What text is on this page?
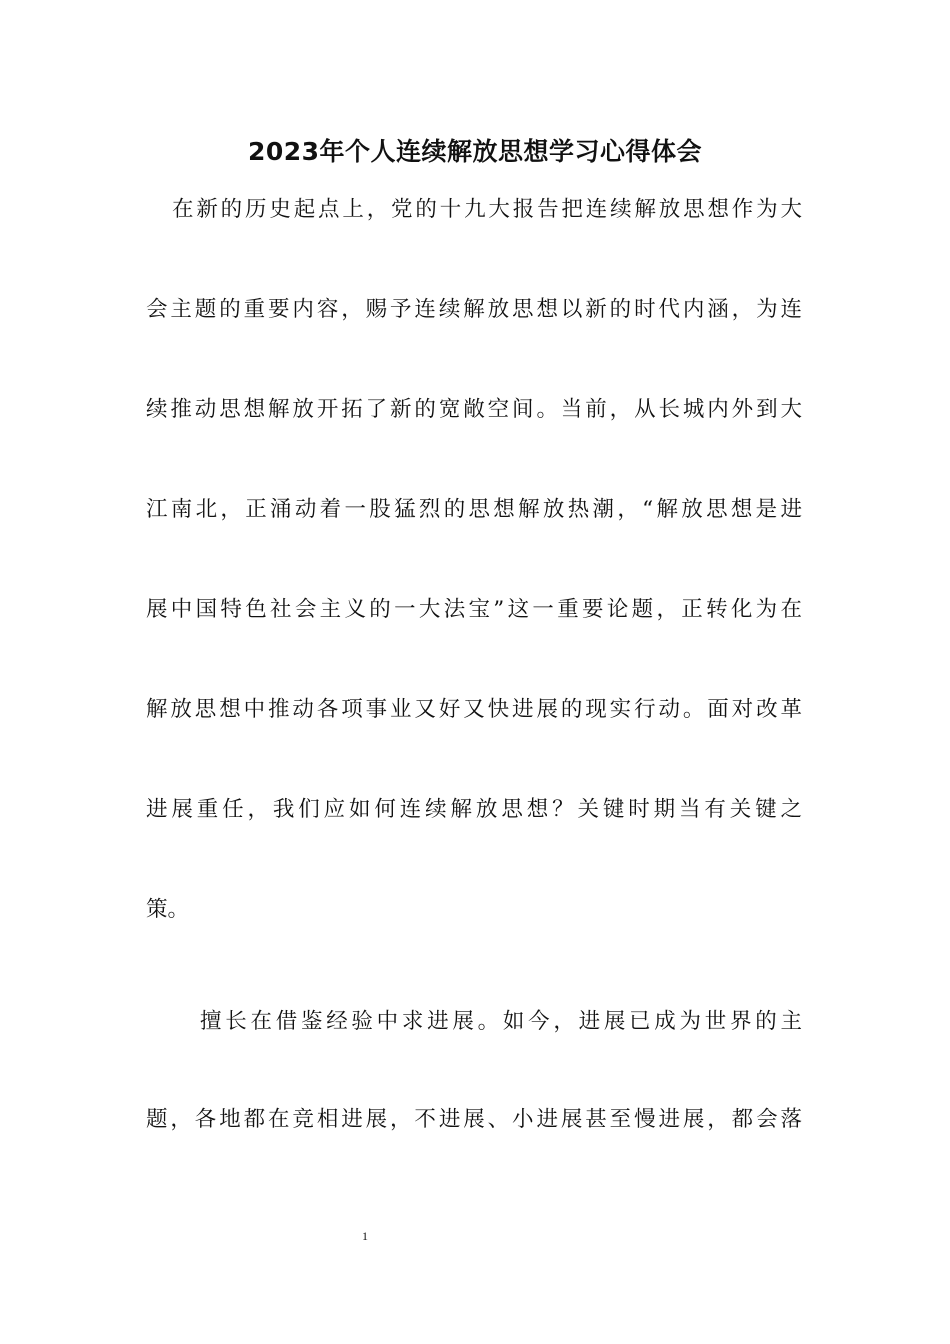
2023年个人连续解放思想学习心得体会

在新的历史起点上，党的十九大报告把连续解放思想作为大

会主题的重要内容，赐予连续解放思想以新的时代内涵，为连

续推动思想解放开拓了新的宽敞空间。当前，从长城内外到大

江南北，正涌动着一股猛烈的思想解放热潮，“解放思想是进

展中国特色社会主义的一大法宝”这一重要论题，正转化为在

解放思想中推动各项事业又好又快进展的现实行动。面对改革

进展重任，我们应如何连续解放思想？关键时期当有关键之

策。

擅长在借鉴经验中求进展。如今，进展已成为世界的主

题，各地都在竞相进展，不进展、小进展甚至慢进展，都会落

1
